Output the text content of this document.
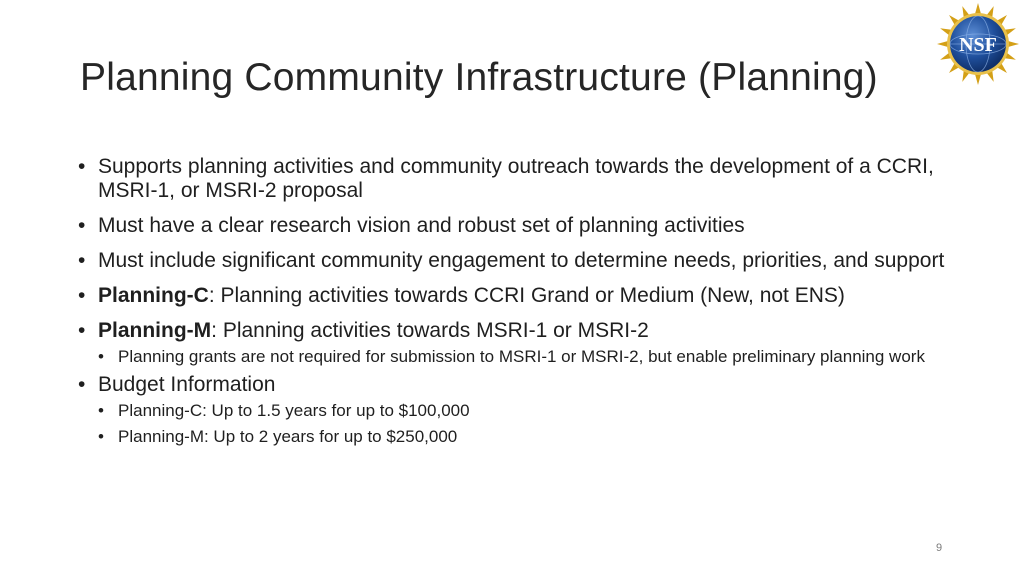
Planning Community Infrastructure (Planning)
NSF
• Supports planning activities and community outreach towards the development of a CCRI, MSRI-1, or MSRI-2 proposal
• Must have a clear research vision and robust set of planning activities
• Must include significant community engagement to determine needs, priorities, and support
• Planning-C: Planning activities towards CCRI Grand or Medium (New, not ENS)
• Planning-M: Planning activities towards MSRI-1 or MSRI-2
• Planning grants are not required for submission to MSRI-1 or MSRI-2, but enable preliminary planning work
• Budget Information
• Planning-C: Up to 1.5 years for up to $100,000
• Planning-M: Up to 2 years for up to $250,000
9
